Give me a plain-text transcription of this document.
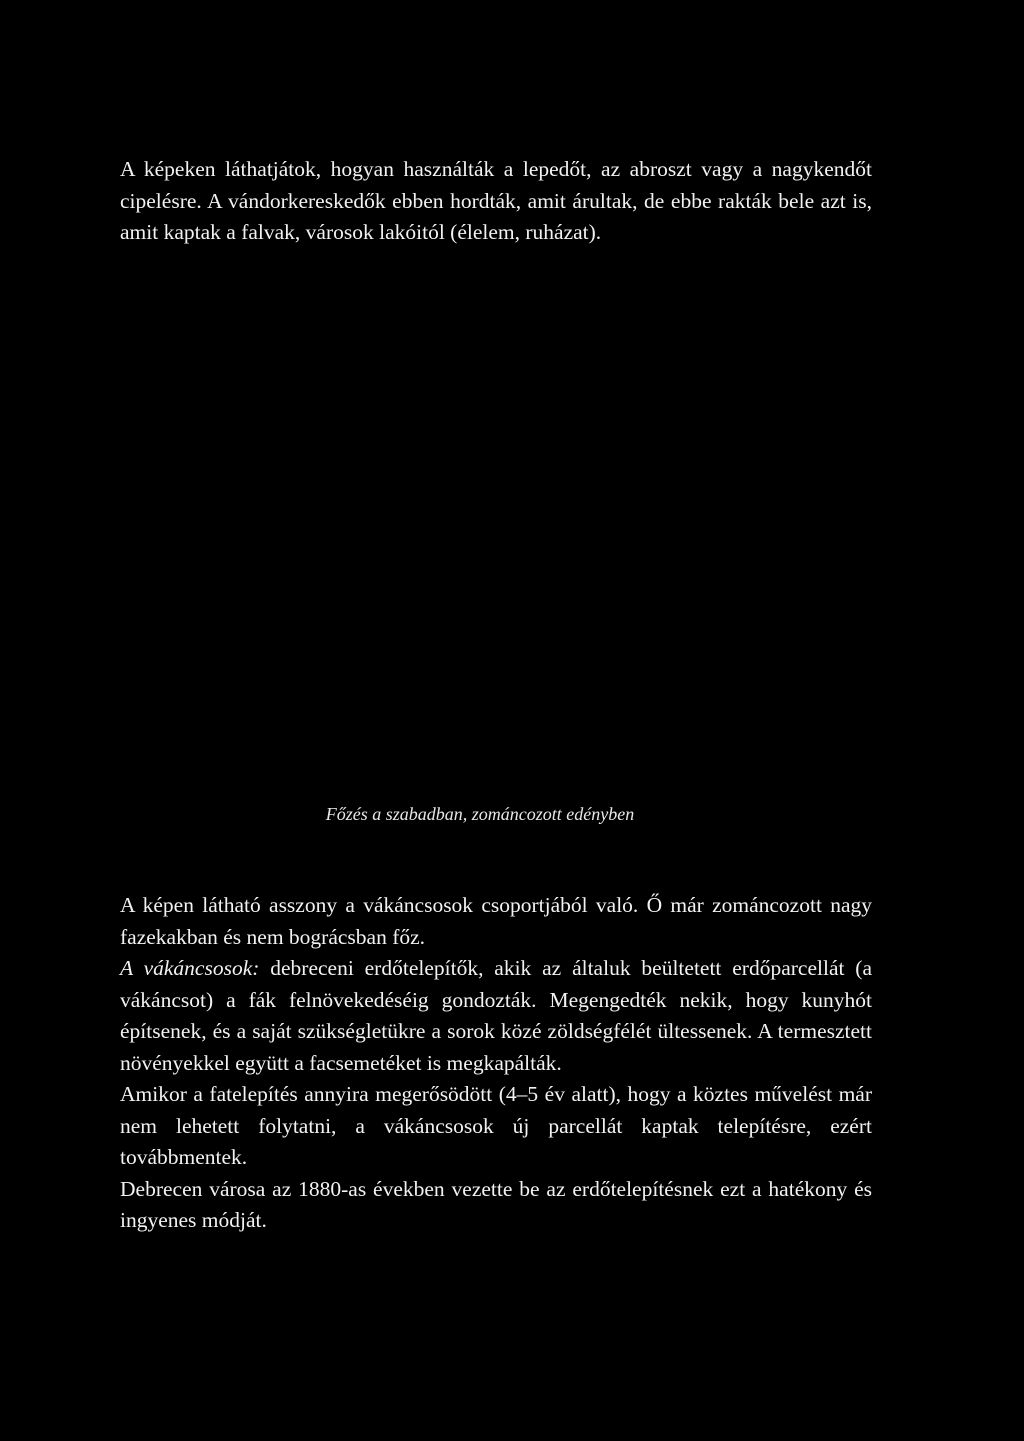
A képeken láthatjátok, hogyan használták a lepedőt, az abroszt vagy a nagykendőt cipelésre. A vándorkereskedők ebben hordták, amit árultak, de ebbe rakták bele azt is, amit kaptak a falvak, városok lakóitól (élelem, ruházat).

Főzés a szabadban, zománcozott edényben

A képen látható asszony a vákáncsosok csoportjából való. Ő már zománcozott nagy fazekakban és nem bográcsban főz.

A vákáncsosok: debreceni erdőtelepítők, akik az általuk beültetett erdőparcellát (a vákáncsot) a fák felnövekedéséig gondozták. Megengedték nekik, hogy kunyhót építsenek, és a saját szükségletükre a sorok közé zöldségfélét ültessenek. A termesztett növényekkel együtt a facsemetéket is megkapálták.

Amikor a fatelepítés annyira megerősödött (4–5 év alatt), hogy a köztes művelést már nem lehetett folytatni, a vákáncsosok új parcellát kaptak telepítésre, ezért továbbmentek.

Debrecen városa az 1880-as években vezette be az erdőtelepítésnek ezt a hatékony és ingyenes módját.
